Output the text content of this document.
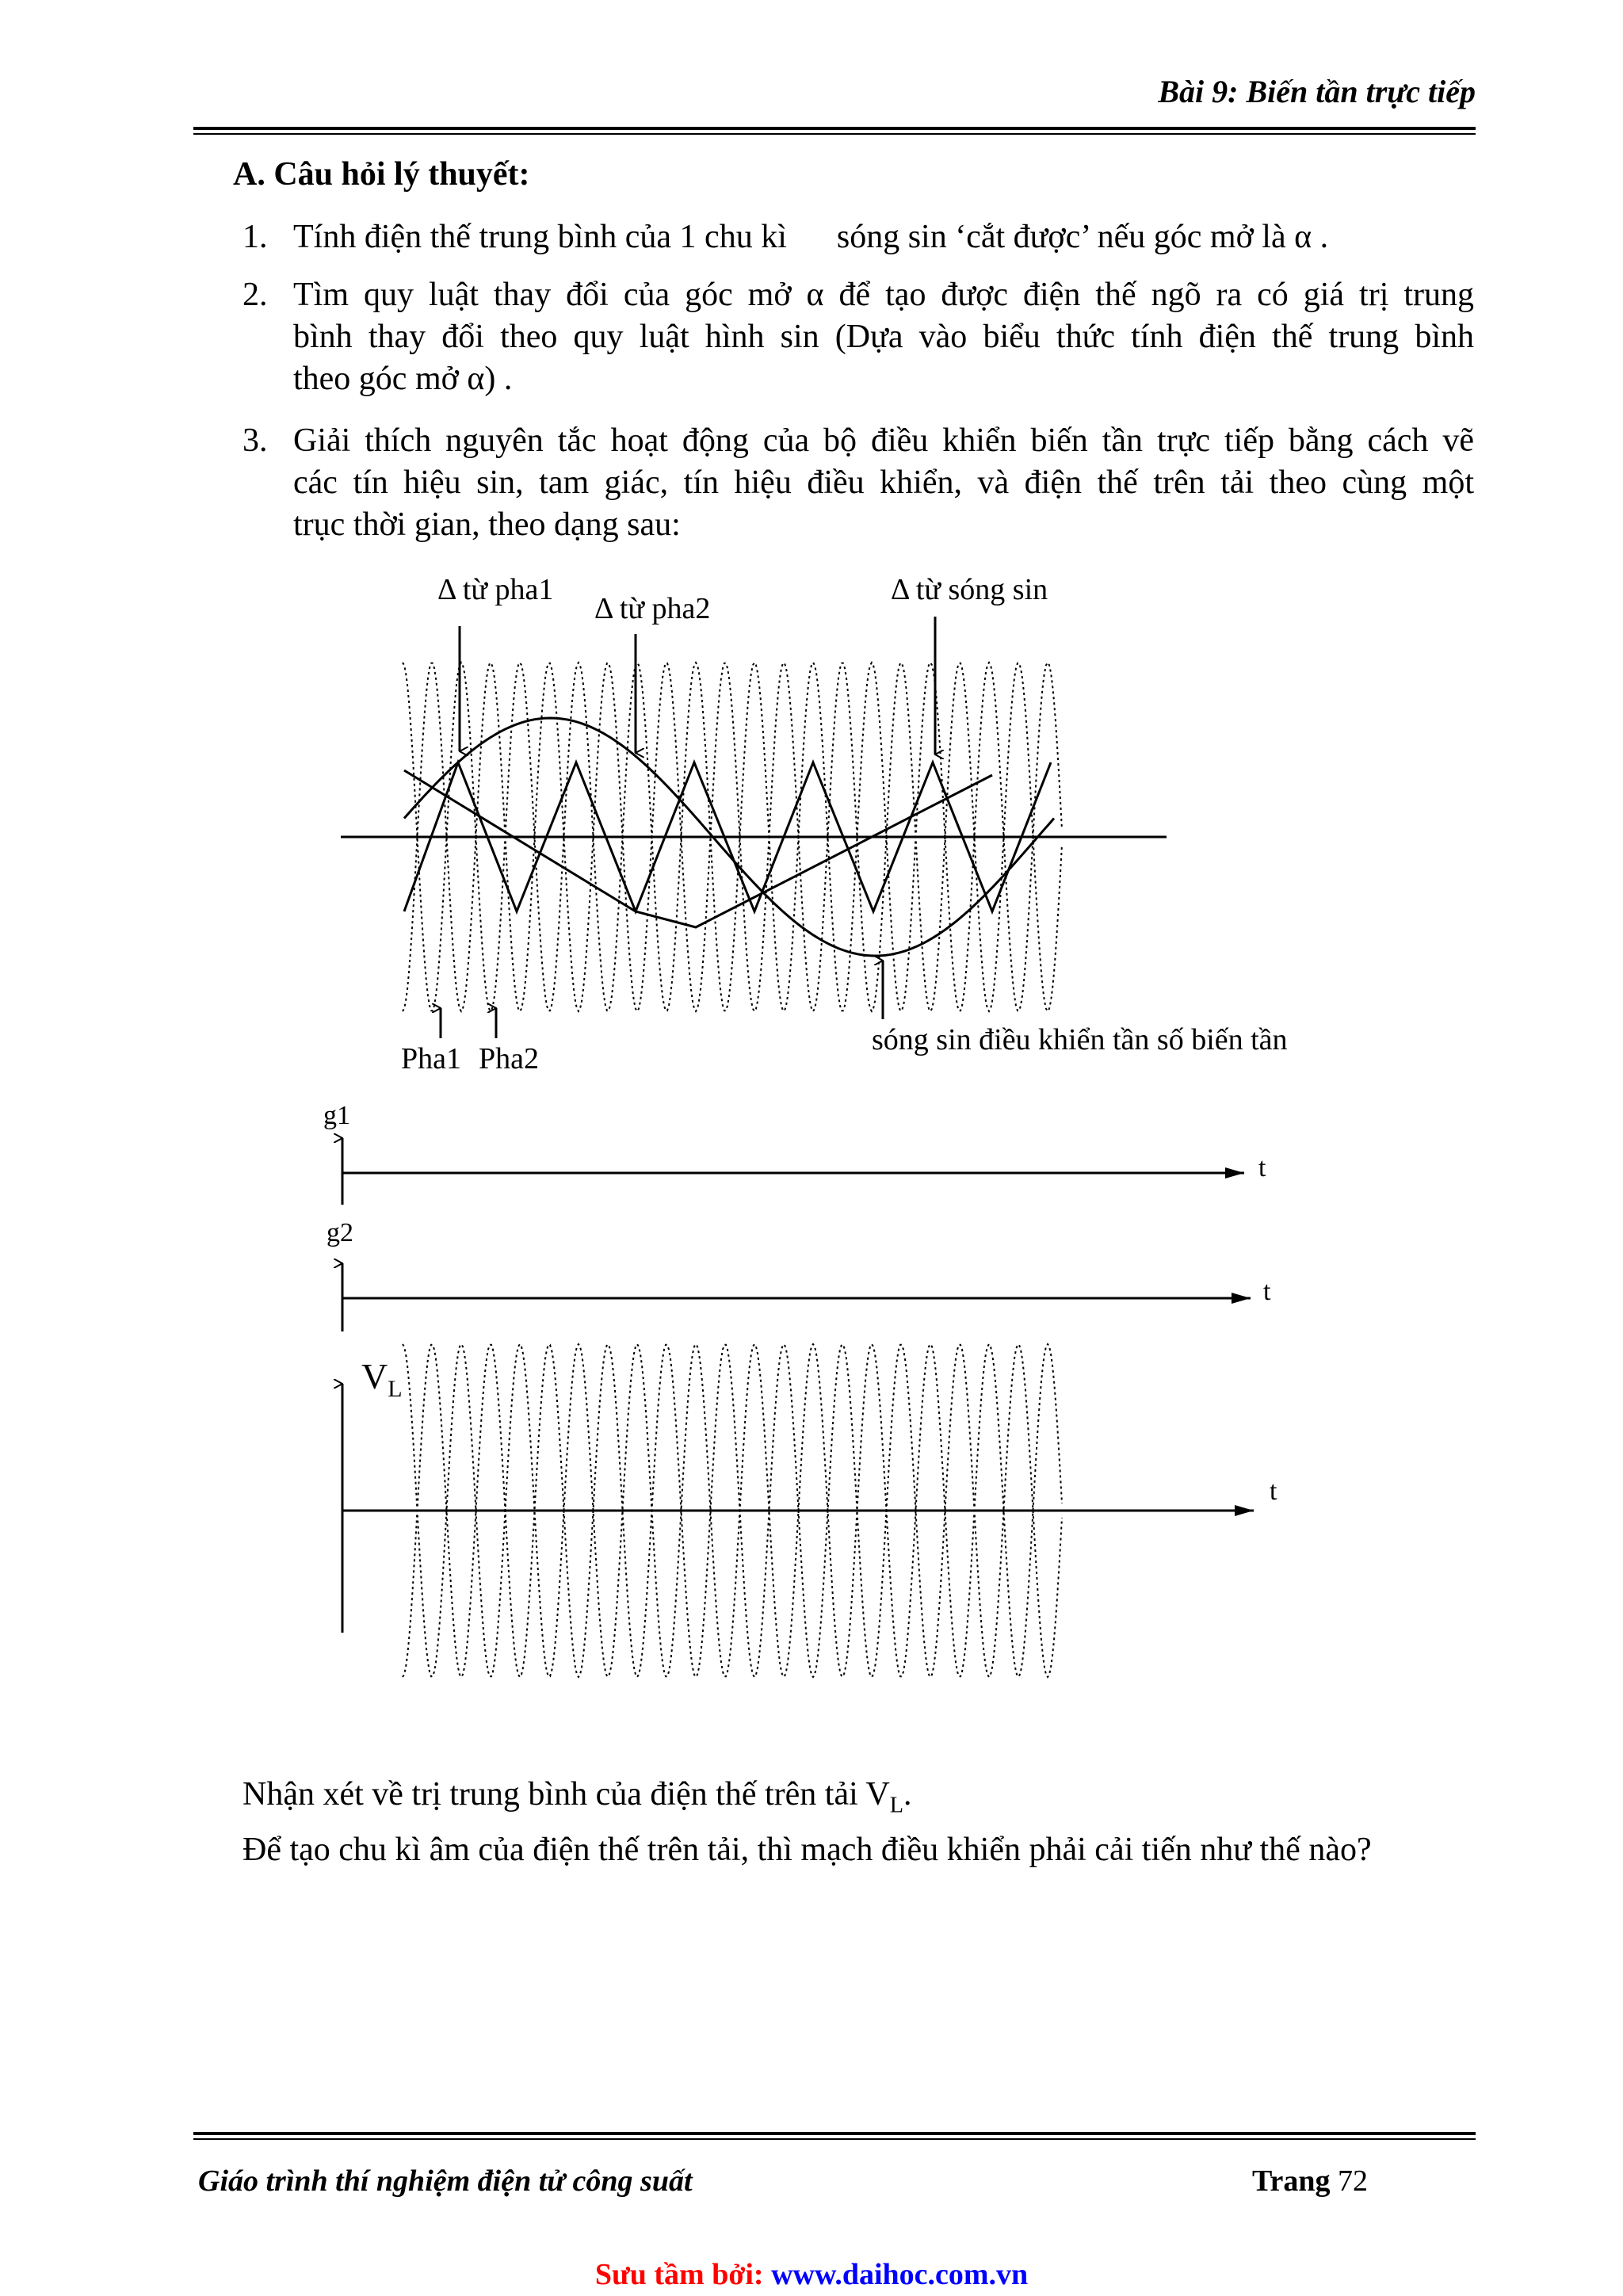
Bài 9: Biến tần trực tiếp
A. Câu hỏi lý thuyết:
1. Tính điện thế trung bình của 1 chu kì      sóng sin ‘cắt được’ nếu góc mở là α .
2. Tìm quy luật thay đổi của góc mở α để tạo được điện thế ngõ ra có giá trị trung
bình thay đổi theo quy luật hình sin (Dựa vào biểu thức tính điện thế trung bình
theo góc mở α) .
3. Giải thích nguyên tắc hoạt động của bộ điều khiển biến tần trực tiếp bằng cách vẽ
các tín hiệu sin, tam giác, tín hiệu điều khiển, và điện thế trên tải theo cùng một
trục thời gian, theo dạng sau:
Δ từ pha1
Δ từ pha2
Δ từ sóng sin
Pha1 Pha2
sóng sin điều khiển tần số biến tần
g1
t
g2
t
$V_L$
t
Nhận xét về trị trung bình của điện thế trên tải $V_L$.
Để tạo chu kì âm của điện thế trên tải, thì mạch điều khiển phải cải tiến như thế nào?
Giáo trình thí nghiệm điện tử công suất	Trang 72
Sưu tầm bởi: www.daihoc.com.vn
